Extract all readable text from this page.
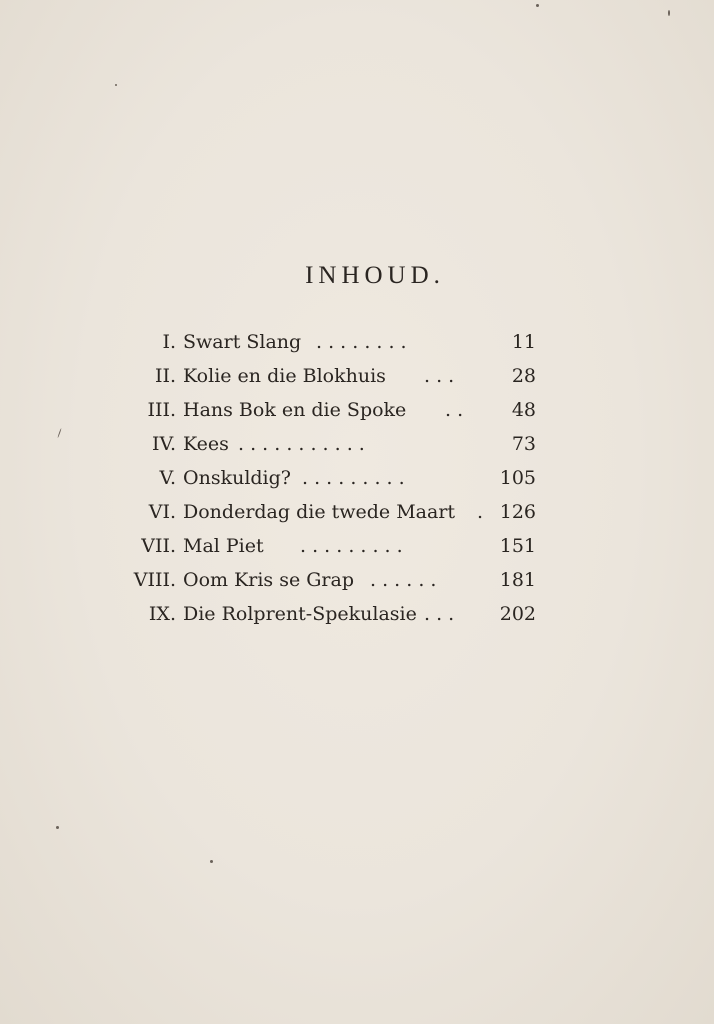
INHOUD.
I. Swart Slang . . . . . . . .	11
II. Kolie en die Blokhuis . . .	28
III. Hans Bok en die Spoke . .	48
IV. Kees . . . . . . . . . . .	73
V. Onskuldig? . . . . . . . . .	105
VI. Donderdag die twede Maart . 126
VII. Mal Piet . . . . . . . . .	151
VIII. Oom Kris se Grap . . . . . .	181
IX. Die Rolprent-Spekulasie . . . 202
